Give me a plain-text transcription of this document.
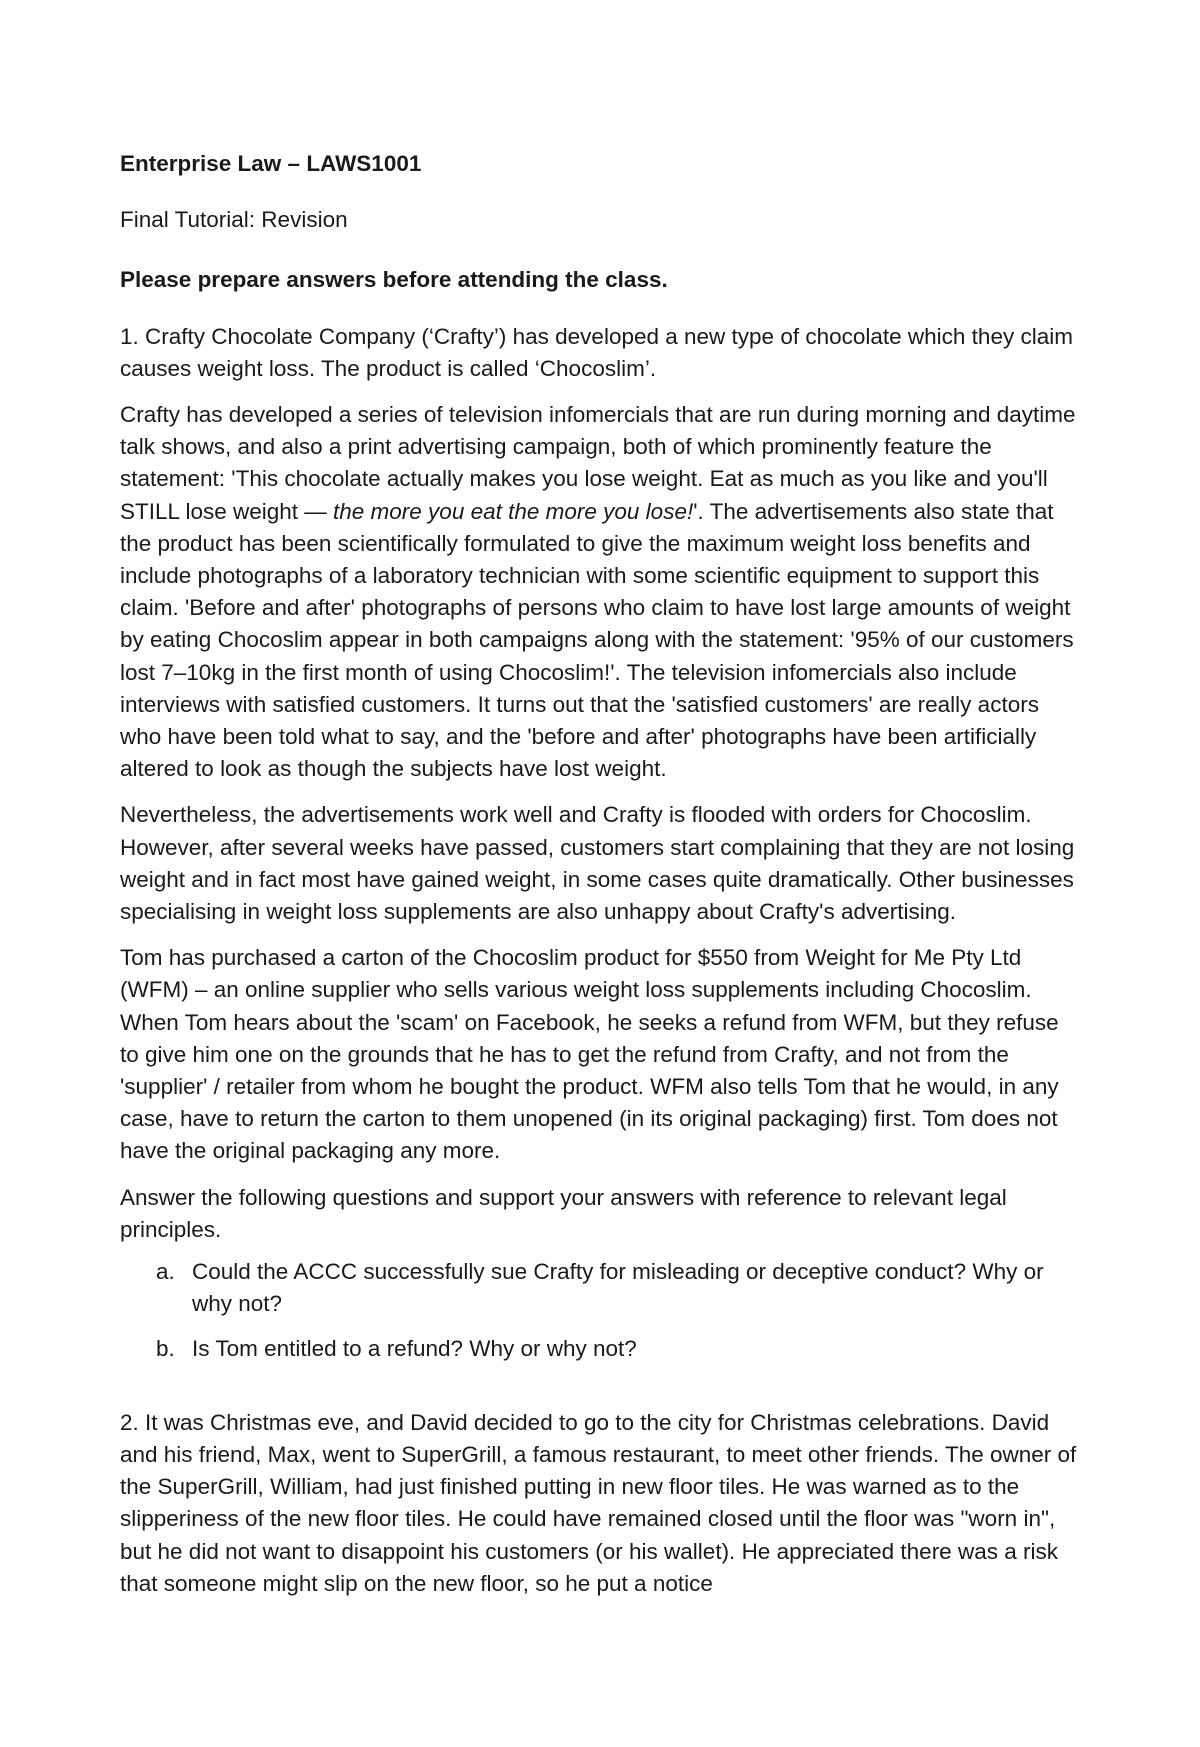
Enterprise Law – LAWS1001

Final Tutorial: Revision

Please prepare answers before attending the class.

1. Crafty Chocolate Company (‘Crafty’) has developed a new type of chocolate which they claim causes weight loss. The product is called ‘Chocoslim’.

Crafty has developed a series of television infomercials that are run during morning and daytime talk shows, and also a print advertising campaign, both of which prominently feature the statement: 'This chocolate actually makes you lose weight. Eat as much as you like and you'll STILL lose weight — the more you eat the more you lose!'. The advertisements also state that the product has been scientifically formulated to give the maximum weight loss benefits and include photographs of a laboratory technician with some scientific equipment to support this claim. 'Before and after' photographs of persons who claim to have lost large amounts of weight by eating Chocoslim appear in both campaigns along with the statement: '95% of our customers lost 7–10kg in the first month of using Chocoslim!'. The television infomercials also include interviews with satisfied customers. It turns out that the 'satisfied customers' are really actors who have been told what to say, and the 'before and after' photographs have been artificially altered to look as though the subjects have lost weight.

Nevertheless, the advertisements work well and Crafty is flooded with orders for Chocoslim. However, after several weeks have passed, customers start complaining that they are not losing weight and in fact most have gained weight, in some cases quite dramatically. Other businesses specialising in weight loss supplements are also unhappy about Crafty's advertising.

Tom has purchased a carton of the Chocoslim product for $550 from Weight for Me Pty Ltd (WFM) – an online supplier who sells various weight loss supplements including Chocoslim. When Tom hears about the 'scam' on Facebook, he seeks a refund from WFM, but they refuse to give him one on the grounds that he has to get the refund from Crafty, and not from the 'supplier' / retailer from whom he bought the product. WFM also tells Tom that he would, in any case, have to return the carton to them unopened (in its original packaging) first. Tom does not have the original packaging any more.

Answer the following questions and support your answers with reference to relevant legal principles.

a. Could the ACCC successfully sue Crafty for misleading or deceptive conduct? Why or why not?
b. Is Tom entitled to a refund? Why or why not?

2. It was Christmas eve, and David decided to go to the city for Christmas celebrations. David and his friend, Max, went to SuperGrill, a famous restaurant, to meet other friends. The owner of the SuperGrill, William, had just finished putting in new floor tiles. He was warned as to the slipperiness of the new floor tiles. He could have remained closed until the floor was "worn in", but he did not want to disappoint his customers (or his wallet). He appreciated there was a risk that someone might slip on the new floor, so he put a notice
